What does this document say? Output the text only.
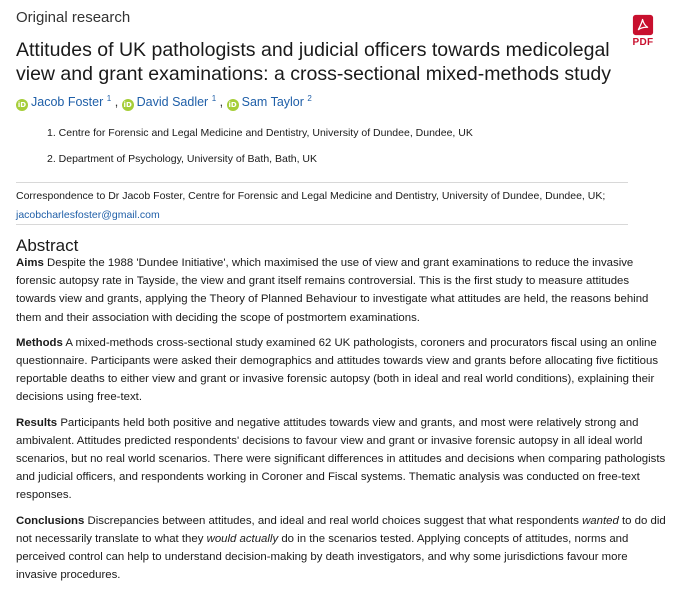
Original research
PDF
Attitudes of UK pathologists and judicial officers towards medicolegal view and grant examinations: a cross-sectional mixed-methods study
iD Jacob Foster $^1$ , iD David Sadler $^1$ , iD Sam Taylor $^2$
1. Centre for Forensic and Legal Medicine and Dentistry, University of Dundee, Dundee, UK
2. Department of Psychology, University of Bath, Bath, UK
Correspondence to Dr Jacob Foster, Centre for Forensic and Legal Medicine and Dentistry, University of Dundee, Dundee, UK;
jacobcharlesfoster@gmail.com
Abstract

Aims Despite the 1988 'Dundee Initiative', which maximised the use of view and grant examinations to reduce the invasive forensic autopsy rate in Tayside, the view and grant itself remains controversial. This is the first study to measure attitudes towards view and grants, applying the Theory of Planned Behaviour to investigate what attitudes are held, the reasons behind them and their association with deciding the scope of postmortem examinations.

Methods A mixed-methods cross-sectional study examined 62 UK pathologists, coroners and procurators fiscal using an online questionnaire. Participants were asked their demographics and attitudes towards view and grants before allocating five fictitious reportable deaths to either view and grant or invasive forensic autopsy (both in ideal and real world conditions), explaining their decisions using free-text.

Results Participants held both positive and negative attitudes towards view and grants, and most were relatively strong and ambivalent. Attitudes predicted respondents' decisions to favour view and grant or invasive forensic autopsy in all ideal world scenarios, but no real world scenarios. There were significant differences in attitudes and decisions when comparing pathologists and judicial officers, and respondents working in Coroner and Fiscal systems. Thematic analysis was conducted on free-text responses.

Conclusions Discrepancies between attitudes, and ideal and real world choices suggest that what respondents wanted to do did not necessarily translate to what they would actually do in the scenarios tested. Applying concepts of attitudes, norms and perceived control can help to understand decision-making by death investigators, and why some jurisdictions favour more invasive procedures.
